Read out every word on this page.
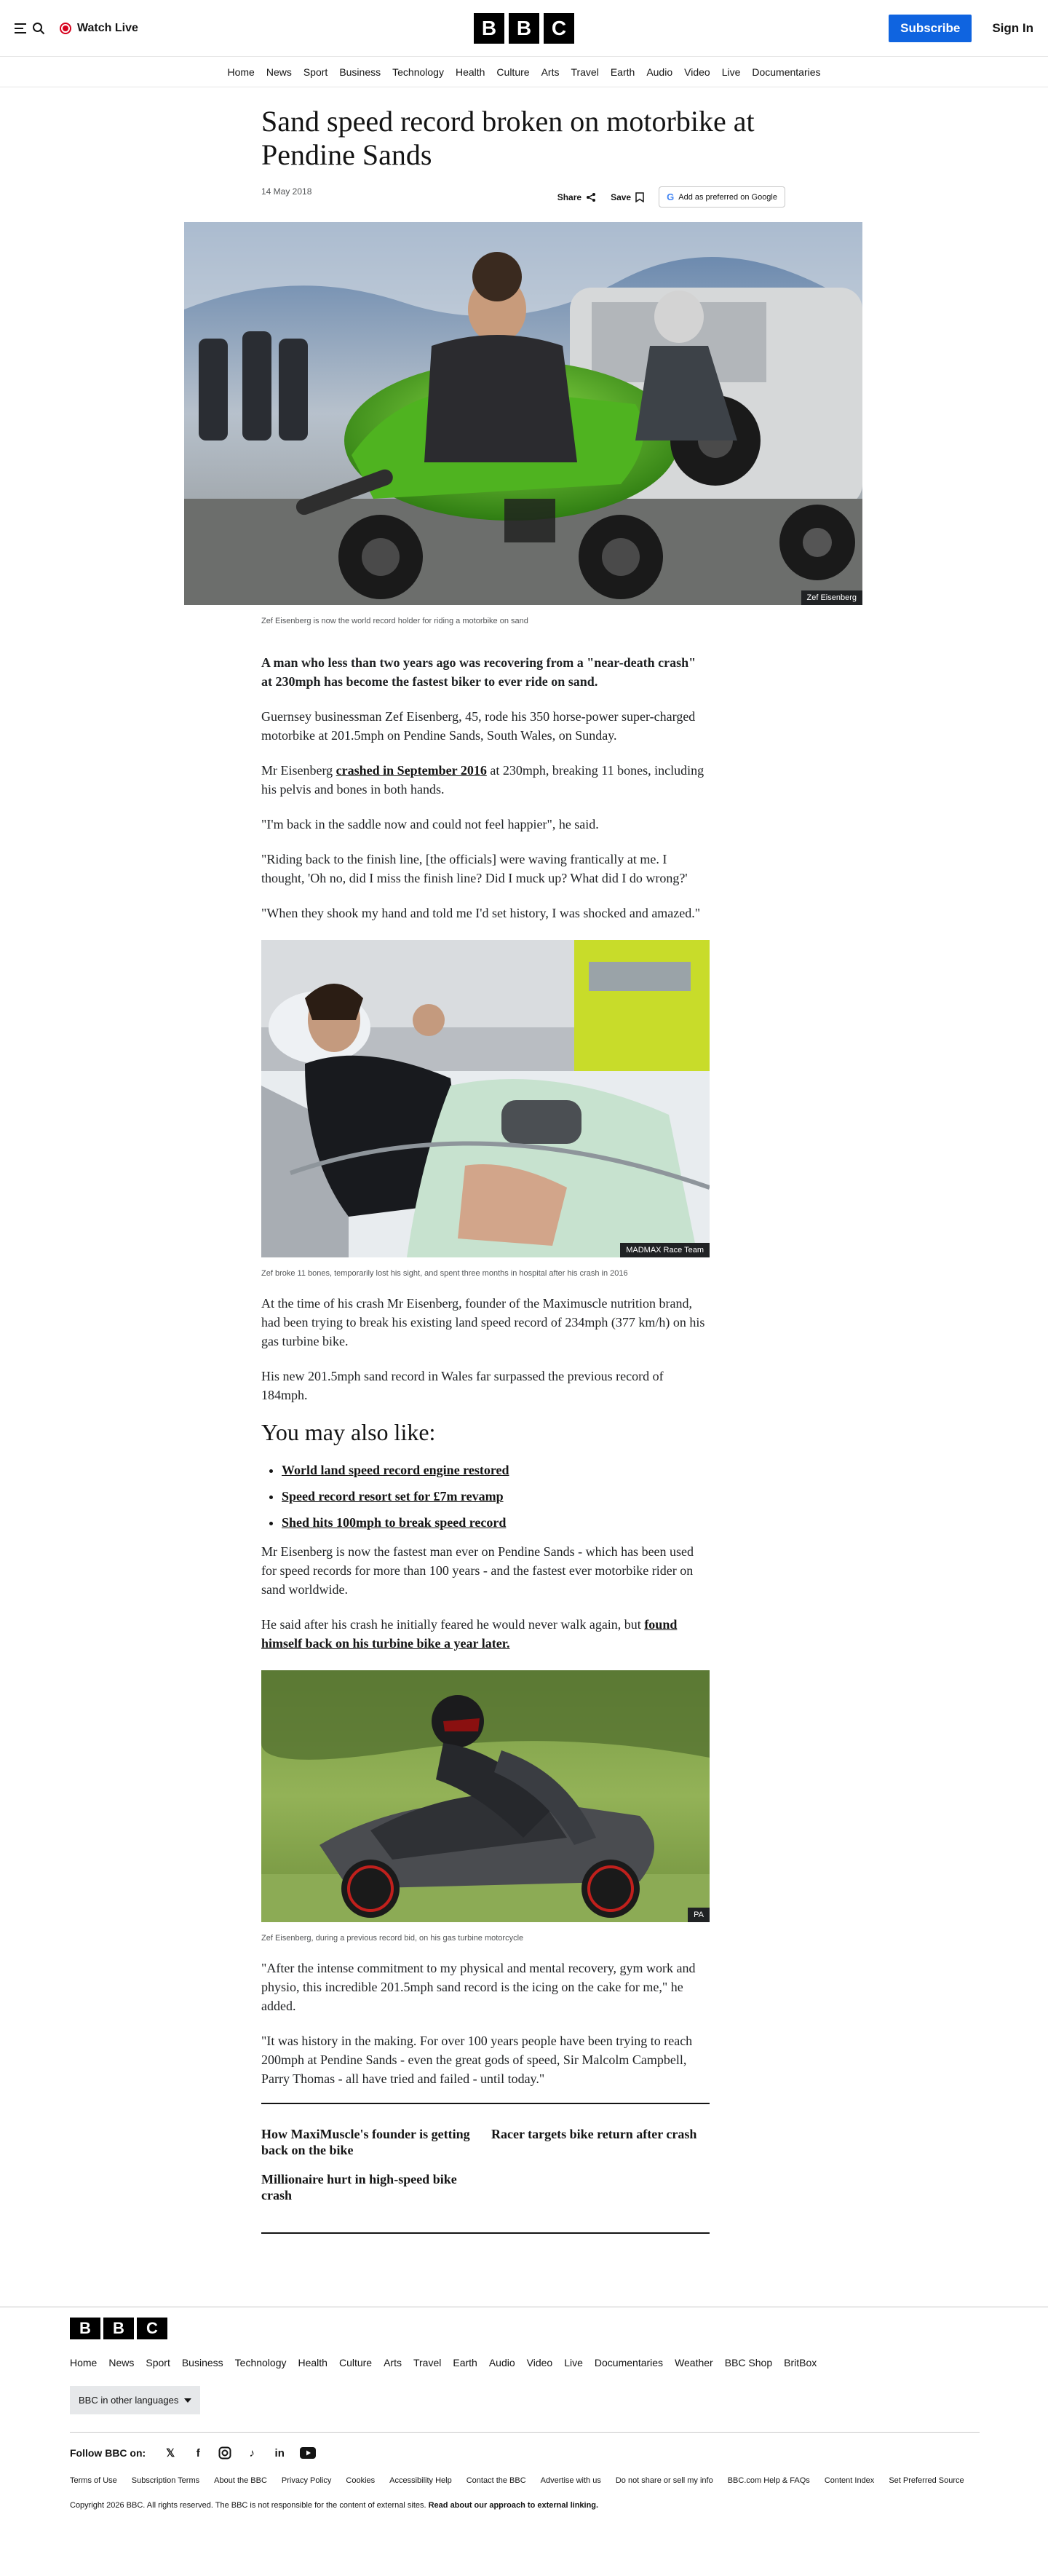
Watch Live	B B C	Subscribe	Sign In
Home News Sport Business Technology Health Culture Arts Travel Earth Audio Video Live Documentaries
Sand speed record broken on motorbike at Pendine Sands
14 May 2018
Share	Save	G Add as preferred on Google
Zef Eisenberg
Zef Eisenberg is now the world record holder for riding a motorbike on sand

A man who less than two years ago was recovering from a "near-death crash" at 230mph has become the fastest biker to ever ride on sand.

Guernsey businessman Zef Eisenberg, 45, rode his 350 horse-power super-charged motorbike at 201.5mph on Pendine Sands, South Wales, on Sunday.

Mr Eisenberg crashed in September 2016 at 230mph, breaking 11 bones, including his pelvis and bones in both hands.

"I'm back in the saddle now and could not feel happier", he said.

"Riding back to the finish line, [the officials] were waving frantically at me. I thought, 'Oh no, did I miss the finish line? Did I muck up? What did I do wrong?'

"When they shook my hand and told me I'd set history, I was shocked and amazed."

MADMAX Race Team
Zef broke 11 bones, temporarily lost his sight, and spent three months in hospital after his crash in 2016

At the time of his crash Mr Eisenberg, founder of the Maximuscle nutrition brand, had been trying to break his existing land speed record of 234mph (377 km/h) on his gas turbine bike.

His new 201.5mph sand record in Wales far surpassed the previous record of 184mph.

You may also like:
• World land speed record engine restored
• Speed record resort set for £7m revamp
• Shed hits 100mph to break speed record

Mr Eisenberg is now the fastest man ever on Pendine Sands - which has been used for speed records for more than 100 years - and the fastest ever motorbike rider on sand worldwide.

He said after his crash he initially feared he would never walk again, but found himself back on his turbine bike a year later.

PA
Zef Eisenberg, during a previous record bid, on his gas turbine motorcycle

"After the intense commitment to my physical and mental recovery, gym work and physio, this incredible 201.5mph sand record is the icing on the cake for me," he added.

"It was history in the making. For over 100 years people have been trying to reach 200mph at Pendine Sands - even the great gods of speed, Sir Malcolm Campbell, Parry Thomas - all have tried and failed - until today."

How MaxiMuscle's founder is getting back on the bike
Racer targets bike return after crash
Millionaire hurt in high-speed bike crash
B	B	C
Home News Sport Business Technology Health Culture Arts Travel Earth Audio Video Live Documentaries Weather BBC Shop BritBox
BBC in other languages
Follow BBC on: 𝕏	f	♪	in
Terms of Use Subscription Terms About the BBC Privacy Policy Cookies Accessibility Help Contact the BBC Advertise with us Do not share or sell my info BBC.com Help & FAQs Content Index Set Preferred Source
Copyright 2026 BBC. All rights reserved. The BBC is not responsible for the content of external sites. Read about our approach to external linking.
